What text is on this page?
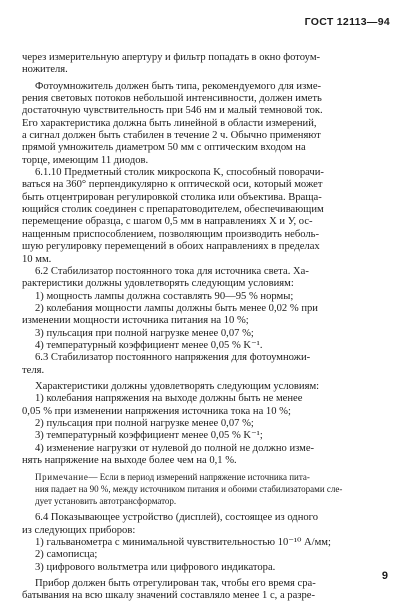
ГОСТ 12113—94
через измерительную апертуру и фильтр попадать в окно фотоум-
ножителя.
Фотоумножитель должен быть типа, рекомендуемого для изме-
рения световых потоков небольшой интенсивности, должен иметь
достаточную чувствительность при 546 нм и малый темновой ток.
Его характеристика должна быть линейной в области измерений,
а сигнал должен быть стабилен в течение 2 ч. Обычно применяют
прямой умножитель диаметром 50 мм с оптическим входом на
торце, имеющим 11 диодов.
6.1.10 Предметный столик микроскопа K, способный поворачи-
ваться на 360° перпендикулярно к оптической оси, который может
быть отцентрирован регулировкой столика или объектива. Враща-
ющийся столик соединен с препаратоводителем, обеспечивающим
перемещение образца, с шагом 0,5 мм в направлениях X и У, ос-
нащенным приспособлением, позволяющим производить неболь-
шую регулировку перемещений в обоих направлениях в пределах
10 мм.
6.2 Стабилизатор постоянного тока для источника света. Ха-
рактеристики должны удовлетворять следующим условиям:
1) мощность лампы должна составлять 90—95 % нормы;
2) колебания мощности лампы должны быть менее 0,02 % при
изменении мощности источника питания на 10 %;
3) пульсация при полной нагрузке менее 0,07 %;
4) температурный коэффициент менее 0,05 % K⁻¹.
6.3 Стабилизатор постоянного напряжения для фотоумножи-
теля.
Характеристики должны удовлетворять следующим условиям:
1) колебания напряжения на выходе должны быть не менее
0,05 % при изменении напряжения источника тока на 10 %;
2) пульсация при полной нагрузке менее 0,07 %;
3) температурный коэффициент менее 0,05 % K⁻¹;
4) изменение нагрузки от нулевой до полной не должно изме-
нять напряжение на выходе более чем на 0,1 %.
Примечание— Если в период измерений напряжение источника пита-
ния падает на 90 %, между источником питания и обоими стабилизаторами сле-
дует установить автотрансформатор.
6.4 Показывающее устройство (дисплей), состоящее из одного
из следующих приборов:
1) гальванометра с минимальной чувствительностью 10⁻¹⁰ А/мм;
2) самописца;
3) цифрового вольтметра или цифрового индикатора.
Прибор должен быть отрегулирован так, чтобы его время сра-
батывания на всю шкалу значений составляло менее 1 с, а разре-
9
